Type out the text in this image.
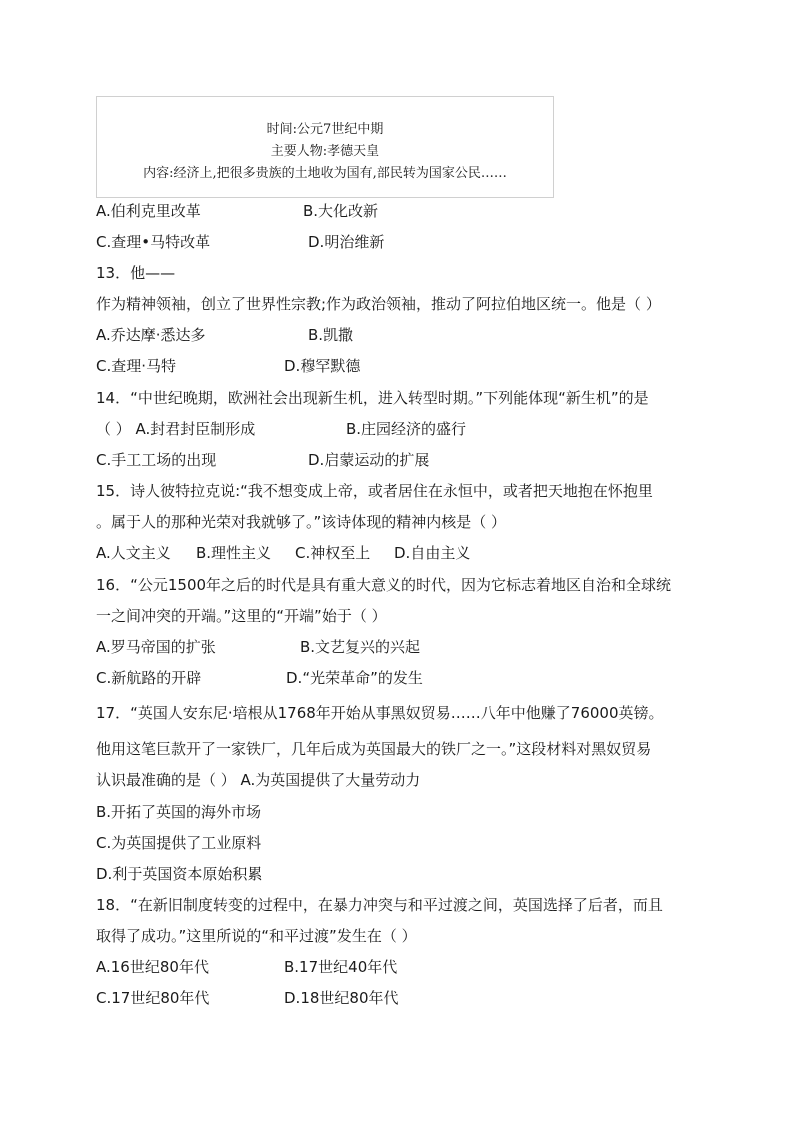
时间:公元7世纪中期
主要人物:孝德天皇
内容:经济上,把很多贵族的土地收为国有,部民转为国家公民……
A.伯利克里改革	B.大化改新
C.查理•马特改革	D.明治维新
13．他——
作为精神领袖，创立了世界性宗教;作为政治领袖，推动了阿拉伯地区统一。他是（ ）
A.乔达摩·悉达多	B.凯撒
C.查理·马特	D.穆罕默德
14．“中世纪晚期，欧洲社会出现新生机，进入转型时期。”下列能体现“新生机”的是
（ ） A.封君封臣制形成	B.庄园经济的盛行
C.手工工场的出现	D.启蒙运动的扩展
15．诗人彼特拉克说:“我不想变成上帝，或者居住在永恒中，或者把天地抱在怀抱里
。属于人的那种光荣对我就够了。”该诗体现的精神内核是（ ）
A.人文主义 B.理性主义 C.神权至上 D.自由主义
16．“公元1500年之后的时代是具有重大意义的时代，因为它标志着地区自治和全球统
一之间冲突的开端。”这里的“开端”始于（ ）
A.罗马帝国的扩张	B.文艺复兴的兴起
C.新航路的开辟	D.“光荣革命”的发生
17．“英国人安东尼·培根从1768年开始从事黑奴贸易……八年中他赚了76000英镑。
他用这笔巨款开了一家铁厂，几年后成为英国最大的铁厂之一。”这段材料对黑奴贸易
认识最准确的是（ ） A.为英国提供了大量劳动力
B.开拓了英国的海外市场
C.为英国提供了工业原料
D.利于英国资本原始积累
18．“在新旧制度转变的过程中，在暴力冲突与和平过渡之间，英国选择了后者，而且
取得了成功。”这里所说的“和平过渡”发生在（ ）
A.16世纪80年代	B.17世纪40年代
C.17世纪80年代	D.18世纪80年代
